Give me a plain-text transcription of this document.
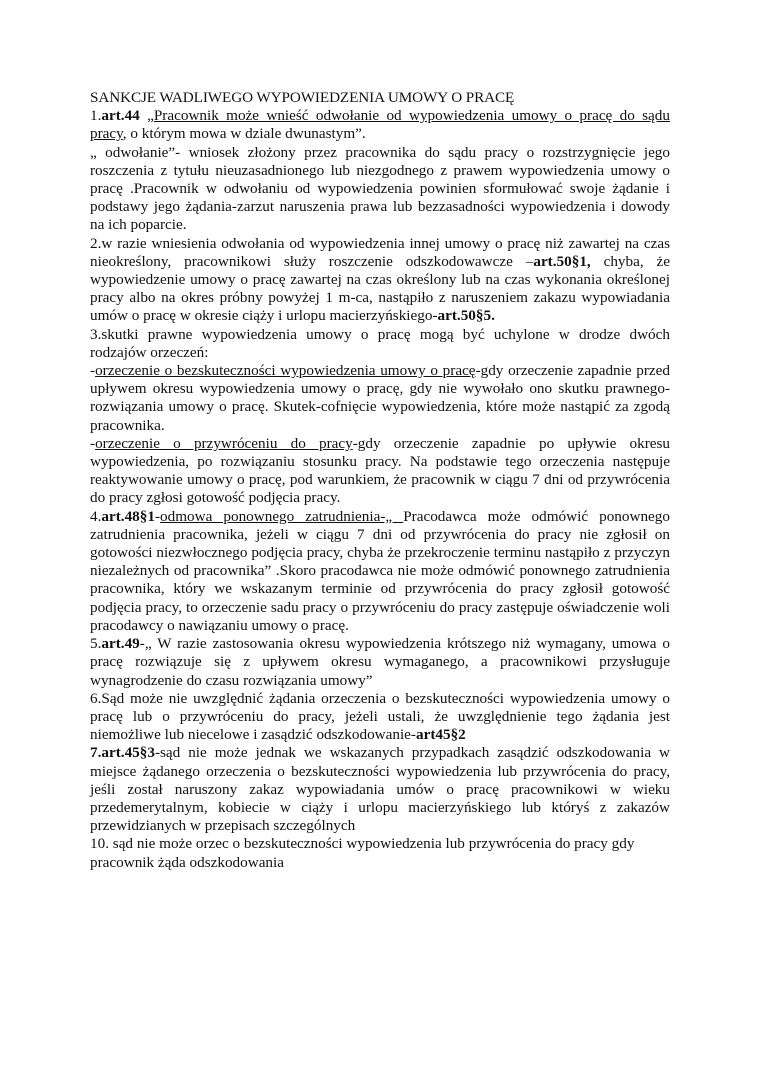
SANKCJE WADLIWEGO WYPOWIEDZENIA UMOWY O PRACĘ

1.art.44 „Pracownik może wnieść odwołanie od wypowiedzenia umowy o pracę do sądu pracy, o którym mowa w dziale dwunastym”.

„ odwołanie”- wniosek złożony przez pracownika do sądu pracy o rozstrzygnięcie jego roszczenia z tytułu nieuzasadnionego lub niezgodnego z prawem wypowiedzenia umowy o pracę .Pracownik w odwołaniu od wypowiedzenia powinien sformułować swoje żądanie i podstawy jego żądania-zarzut naruszenia prawa lub bezzasadności wypowiedzenia i dowody na ich poparcie.

2.w razie wniesienia odwołania od wypowiedzenia innej umowy o pracę niż zawartej na czas nieokreślony, pracownikowi służy roszczenie odszkodowawcze –art.50§1, chyba, że wypowiedzenie umowy o pracę zawartej na czas określony lub na czas wykonania określonej pracy albo na okres próbny powyżej 1 m-ca, nastąpiło z naruszeniem zakazu wypowiadania umów o pracę w okresie ciąży i urlopu macierzyńskiego-art.50§5.

3.skutki prawne wypowiedzenia umowy o pracę mogą być uchylone w drodze dwóch rodzajów orzeczeń:

-orzeczenie o bezskuteczności wypowiedzenia umowy o pracę-gdy orzeczenie zapadnie przed upływem okresu wypowiedzenia umowy o pracę, gdy nie wywołało ono skutku prawnego-rozwiązania umowy o pracę. Skutek-cofnięcie wypowiedzenia, które może nastąpić za zgodą pracownika.

-orzeczenie o przywróceniu do pracy-gdy orzeczenie zapadnie po upływie okresu wypowiedzenia, po rozwiązaniu stosunku pracy. Na podstawie tego orzeczenia następuje reaktywowanie umowy o pracę, pod warunkiem, że pracownik w ciągu 7 dni od przywrócenia do pracy zgłosi gotowość podjęcia pracy.

4.art.48§1-odmowa ponownego zatrudnienia-„ Pracodawca może odmówić ponownego zatrudnienia pracownika, jeżeli w ciągu 7 dni od przywrócenia do pracy nie zgłosił on gotowości niezwłocznego podjęcia pracy, chyba że przekroczenie terminu nastąpiło z przyczyn niezależnych od pracownika” .Skoro pracodawca nie może odmówić ponownego zatrudnienia pracownika, który we wskazanym terminie od przywrócenia do pracy zgłosił gotowość podjęcia pracy, to orzeczenie sadu pracy o przywróceniu do pracy zastępuje oświadczenie woli pracodawcy o nawiązaniu umowy o pracę.

5.art.49-„ W razie zastosowania okresu wypowiedzenia krótszego niż wymagany, umowa o pracę rozwiązuje się z upływem okresu wymaganego, a pracownikowi przysługuje wynagrodzenie do czasu rozwiązania umowy”

6.Sąd może nie uwzględnić żądania orzeczenia o bezskuteczności wypowiedzenia umowy o pracę lub o przywróceniu do pracy, jeżeli ustali, że uwzględnienie tego żądania jest niemożliwe lub niecelowe i zasądzić odszkodowanie-art45§2

7.art.45§3-sąd nie może jednak we wskazanych przypadkach zasądzić odszkodowania w miejsce żądanego orzeczenia o bezskuteczności wypowiedzenia lub przywrócenia do pracy, jeśli został naruszony zakaz wypowiadania umów o pracę pracownikowi w wieku przedemerytalnym, kobiecie w ciąży i urlopu macierzyńskiego lub któryś z zakazów przewidzianych w przepisach szczególnych

10. sąd nie może orzec o bezskuteczności wypowiedzenia lub przywrócenia do pracy gdy pracownik żąda odszkodowania
